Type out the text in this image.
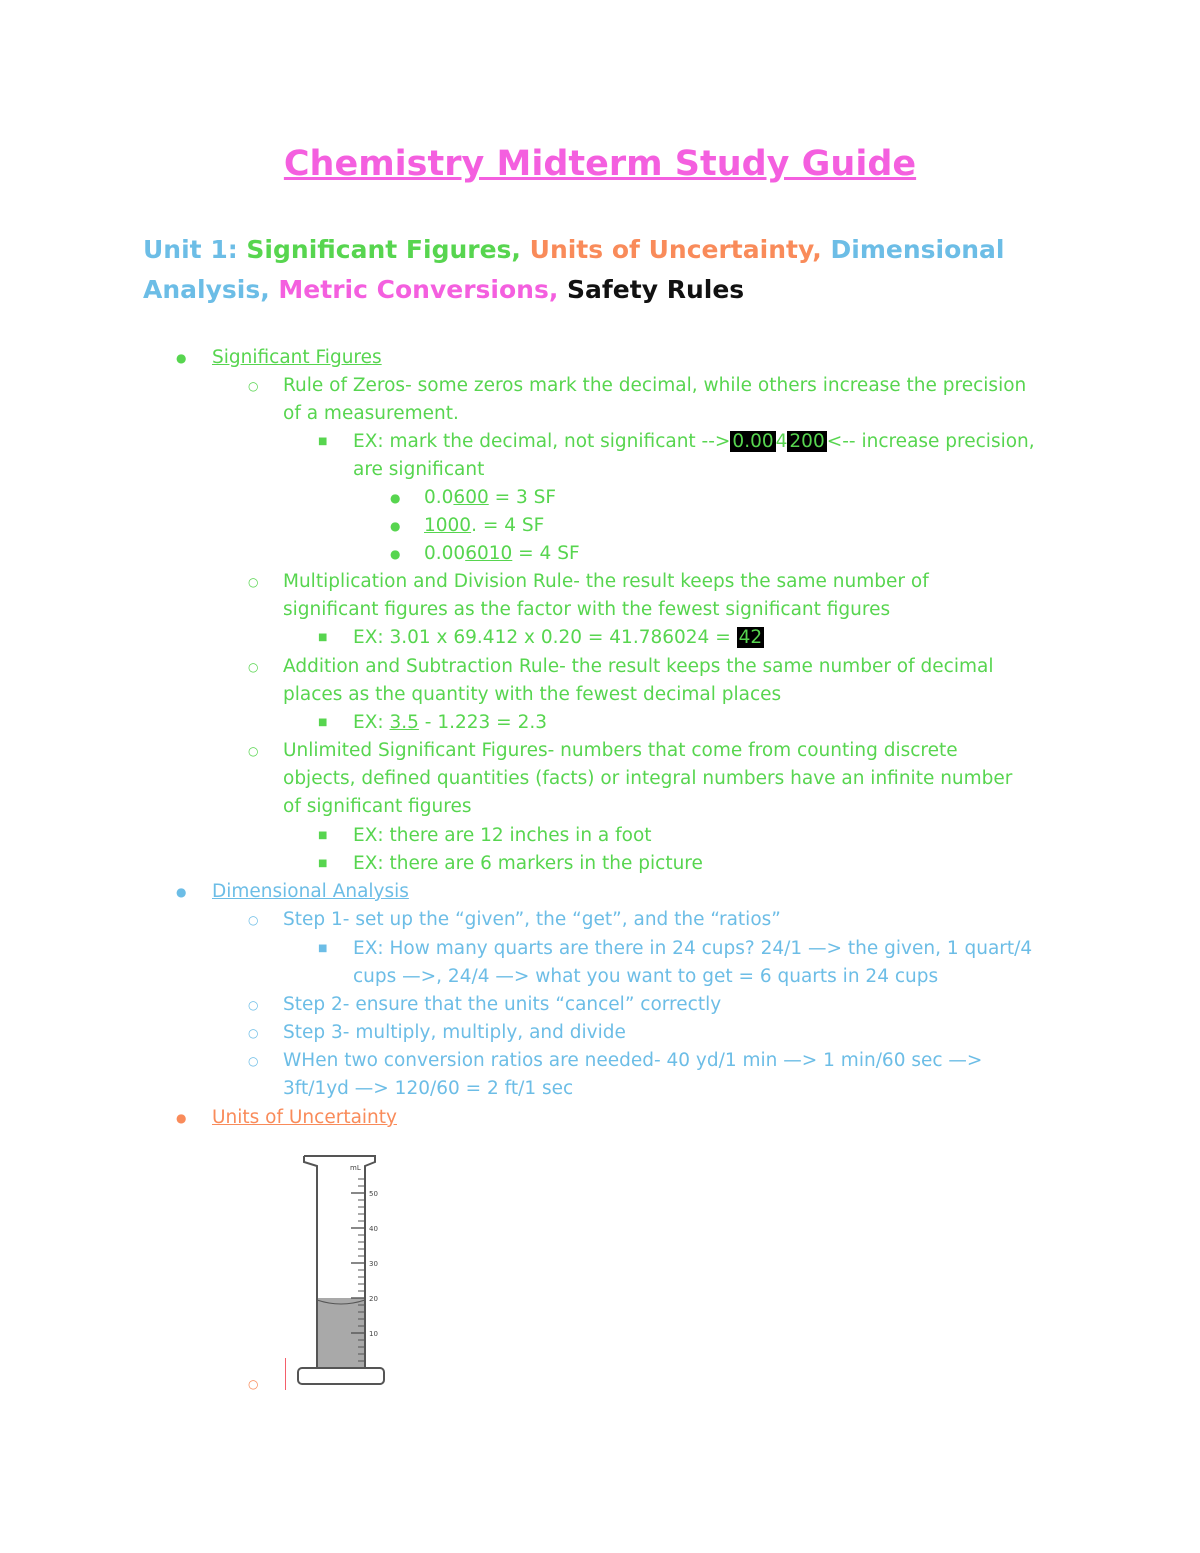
Chemistry Midterm Study Guide
Unit 1: Significant Figures, Units of Uncertainty, Dimensional
Analysis, Metric Conversions, Safety Rules
● Significant Figures
○ Rule of Zeros- some zeros mark the decimal, while others increase the precision
of a measurement.
■ EX: mark the decimal, not significant --> 0.00 4 200 <-- increase precision,
are significant
● 0.0600 = 3 SF
● 1000. = 4 SF
● 0.006010 = 4 SF
○ Multiplication and Division Rule- the result keeps the same number of
significant figures as the factor with the fewest significant figures
■ EX: 3.01 x 69.412 x 0.20 = 41.786024 = 42
○ Addition and Subtraction Rule- the result keeps the same number of decimal
places as the quantity with the fewest decimal places
■ EX: 3.5 - 1.223 = 2.3
○ Unlimited Significant Figures- numbers that come from counting discrete
objects, defined quantities (facts) or integral numbers have an infinite number
of significant figures
■ EX: there are 12 inches in a foot
■ EX: there are 6 markers in the picture
● Dimensional Analysis
○ Step 1- set up the “given”, the “get”, and the “ratios”
■ EX: How many quarts are there in 24 cups? 24/1 —> the given, 1 quart/4
cups —>, 24/4 —> what you want to get = 6 quarts in 24 cups
○ Step 2- ensure that the units “cancel” correctly
○ Step 3- multiply, multiply, and divide
○ WHen two conversion ratios are needed- 40 yd/1 min —> 1 min/60 sec —>
3ft/1yd —> 120/60 = 2 ft/1 sec
● Units of Uncertainty
mL
50
40
30
20
10
○
